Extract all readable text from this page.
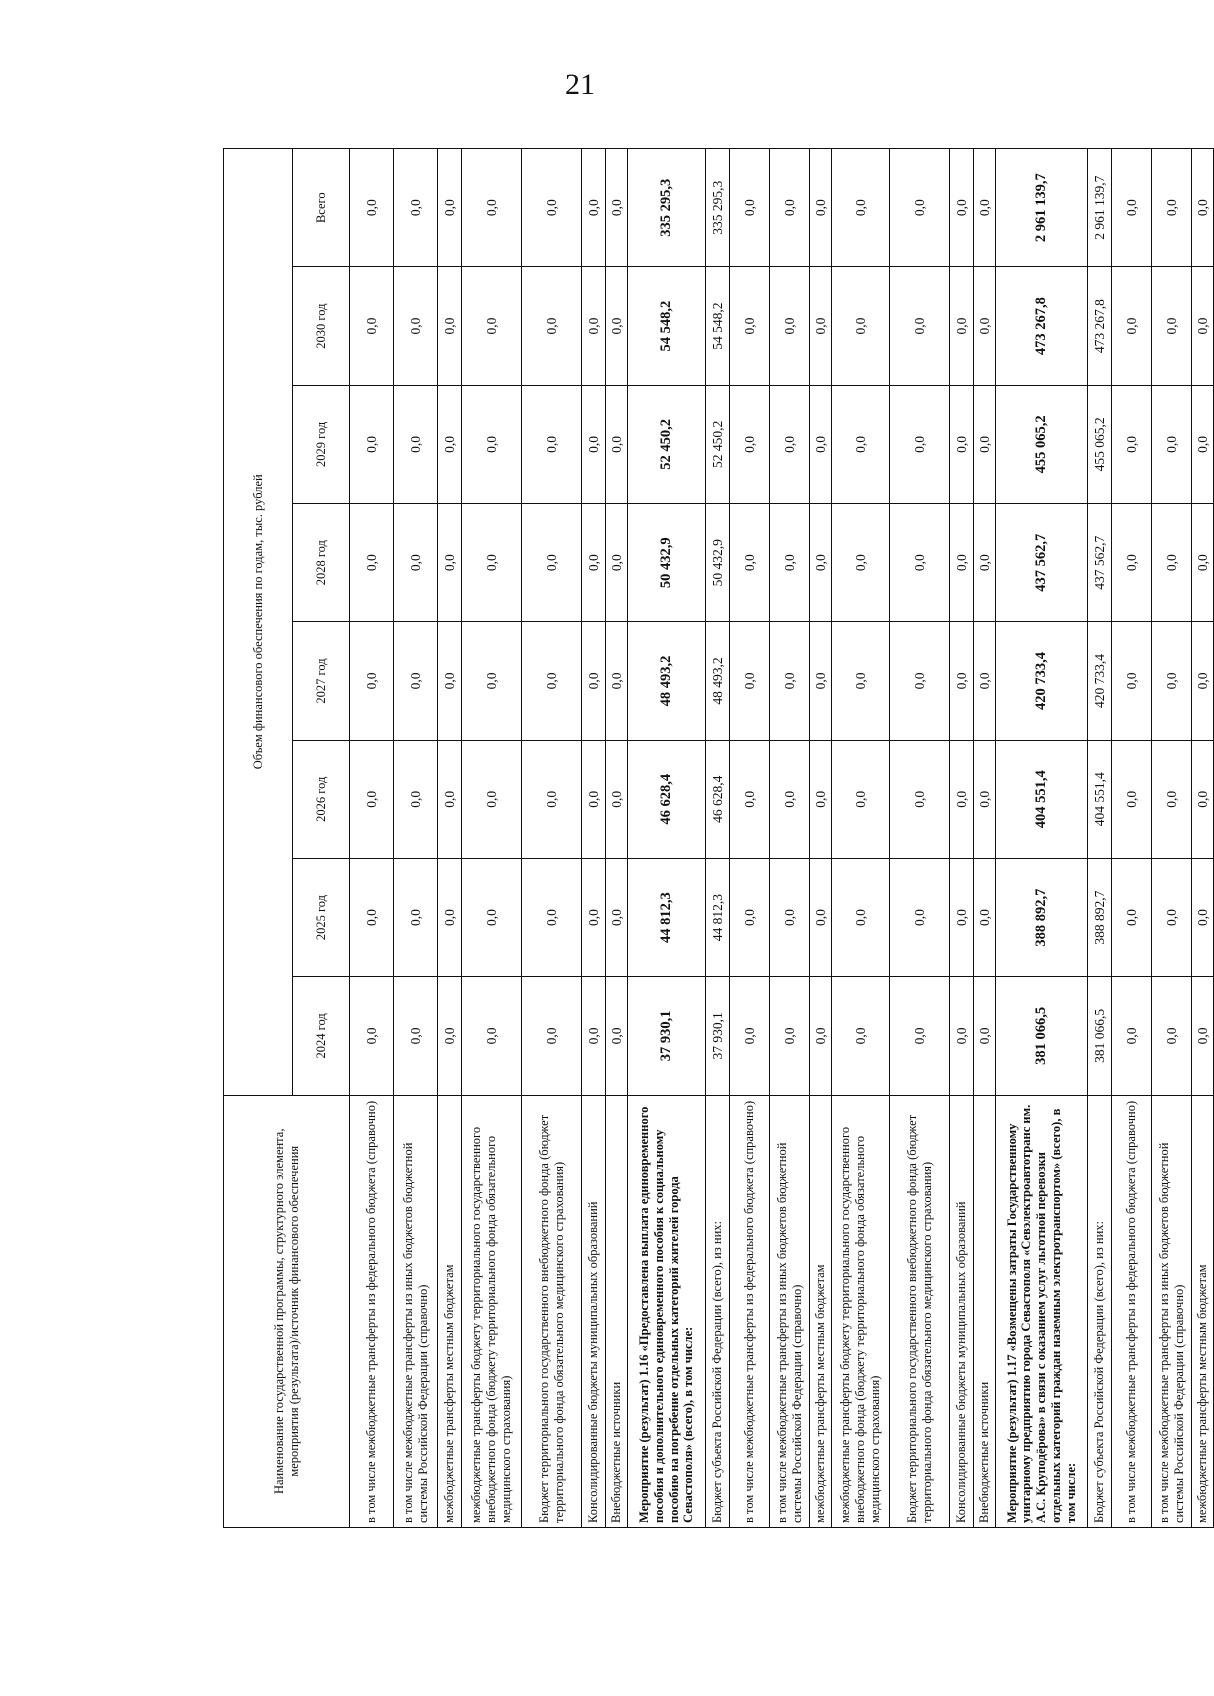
21
Наименование государственной программы, структурного элемента, мероприятия (результата)/источник финансового обеспечения	Объем финансового обеспечения по годам, тыс. рублей							
	2024 год	2025 год	2026 год	2027 год	2028 год	2029 год	2030 год	Всего
в том числе межбюджетные трансферты из федерального бюджета (справочно)	0,0	0,0	0,0	0,0	0,0	0,0	0,0	0,0
в том числе межбюджетные трансферты из иных бюджетов бюджетной системы Российской Федерации (справочно)	0,0	0,0	0,0	0,0	0,0	0,0	0,0	0,0
межбюджетные трансферты местным бюджетам	0,0	0,0	0,0	0,0	0,0	0,0	0,0	0,0
межбюджетные трансферты бюджету территориального государственного внебюджетного фонда (бюджету территориального фонда обязательного медицинского страхования)	0,0	0,0	0,0	0,0	0,0	0,0	0,0	0,0
Бюджет территориального государственного внебюджетного фонда (бюджет территориального фонда обязательного медицинского страхования)	0,0	0,0	0,0	0,0	0,0	0,0	0,0	0,0
Консолидированные бюджеты муниципальных образований	0,0	0,0	0,0	0,0	0,0	0,0	0,0	0,0
Внебюджетные источники	0,0	0,0	0,0	0,0	0,0	0,0	0,0	0,0
Мероприятие (результат) 1.16 «Предоставлена выплата единовременного пособия и дополнительного единовременного пособия к социальному пособию на погребение отдельных категорий жителей города Севастополя» (всего), в том числе:	37 930,1	44 812,3	46 628,4	48 493,2	50 432,9	52 450,2	54 548,2	335 295,3
Бюджет субъекта Российской Федерации (всего), из них:	37 930,1	44 812,3	46 628,4	48 493,2	50 432,9	52 450,2	54 548,2	335 295,3
в том числе межбюджетные трансферты из федерального бюджета (справочно)	0,0	0,0	0,0	0,0	0,0	0,0	0,0	0,0
в том числе межбюджетные трансферты из иных бюджетов бюджетной системы Российской Федерации (справочно)	0,0	0,0	0,0	0,0	0,0	0,0	0,0	0,0
межбюджетные трансферты местным бюджетам	0,0	0,0	0,0	0,0	0,0	0,0	0,0	0,0
межбюджетные трансферты бюджету территориального государственного внебюджетного фонда (бюджету территориального фонда обязательного медицинского страхования)	0,0	0,0	0,0	0,0	0,0	0,0	0,0	0,0
Бюджет территориального государственного внебюджетного фонда (бюджет территориального фонда обязательного медицинского страхования)	0,0	0,0	0,0	0,0	0,0	0,0	0,0	0,0
Консолидированные бюджеты муниципальных образований	0,0	0,0	0,0	0,0	0,0	0,0	0,0	0,0
Внебюджетные источники	0,0	0,0	0,0	0,0	0,0	0,0	0,0	0,0
Мероприятие (результат) 1.17 «Возмещены затраты Государственному унитарному предприятию города Севастополя «Севэлектроавтотранс им. А.С. Круподёрова» в связи с оказанием услуг льготной перевозки отдельных категорий граждан наземным электротранспортом» (всего), в том числе:	381 066,5	388 892,7	404 551,4	420 733,4	437 562,7	455 065,2	473 267,8	2 961 139,7
Бюджет субъекта Российской Федерации (всего), из них:	381 066,5	388 892,7	404 551,4	420 733,4	437 562,7	455 065,2	473 267,8	2 961 139,7
в том числе межбюджетные трансферты из федерального бюджета (справочно)	0,0	0,0	0,0	0,0	0,0	0,0	0,0	0,0
в том числе межбюджетные трансферты из иных бюджетов бюджетной системы Российской Федерации (справочно)	0,0	0,0	0,0	0,0	0,0	0,0	0,0	0,0
межбюджетные трансферты местным бюджетам	0,0	0,0	0,0	0,0	0,0	0,0	0,0	0,0
